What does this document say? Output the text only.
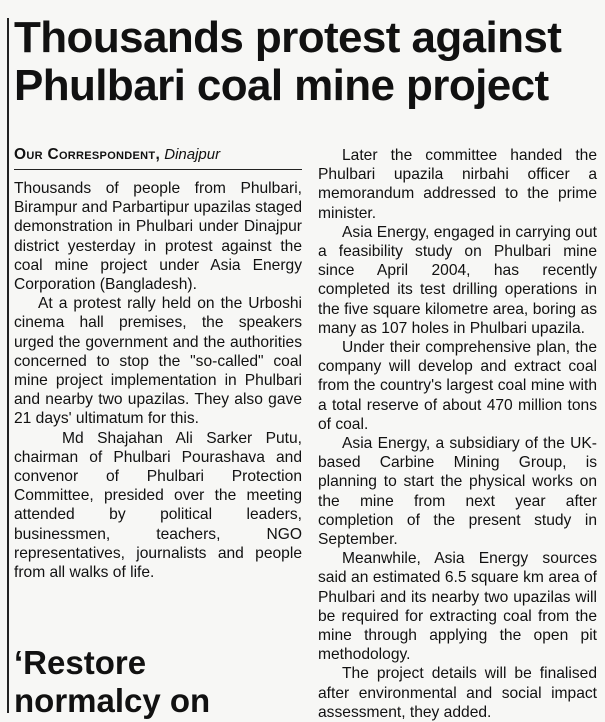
Thousands protest against
Phulbari coal mine project
Our Correspondent, Dinajpur

Thousands of people from Phulbari, Birampur and Parbartipur upazilas staged demonstration in Phulbari under Dinajpur district yesterday in protest against the coal mine project under Asia Energy Corporation (Bangladesh).

At a protest rally held on the Urboshi cinema hall premises, the speakers urged the government and the authorities concerned to stop the "so-called" coal mine project implementation in Phulbari and nearby two upazilas. They also gave 21 days' ultimatum for this.

Md Shajahan Ali Sarker Putu, chairman of Phulbari Pourashava and convenor of Phulbari Protection Committee, presided over the meeting attended by political leaders, businessmen, teachers, NGO representatives, journalists and people from all walks of life.

Later the committee handed the Phulbari upazila nirbahi officer a memorandum addressed to the prime minister.

Asia Energy, engaged in carrying out a feasibility study on Phulbari mine since April 2004, has recently completed its test drilling operations in the five square kilometre area, boring as many as 107 holes in Phulbari upazila.

Under their comprehensive plan, the company will develop and extract coal from the country's largest coal mine with a total reserve of about 470 million tons of coal.

Asia Energy, a subsidiary of the UK-based Carbine Mining Group, is planning to start the physical works on the mine from next year after completion of the present study in September.

Meanwhile, Asia Energy sources said an estimated 6.5 square km area of Phulbari and its nearby two upazilas will be required for extracting coal from the mine through applying the open pit methodology.

The project details will be finalised after environmental and social impact assessment, they added.

‘Restore
normalcy on
